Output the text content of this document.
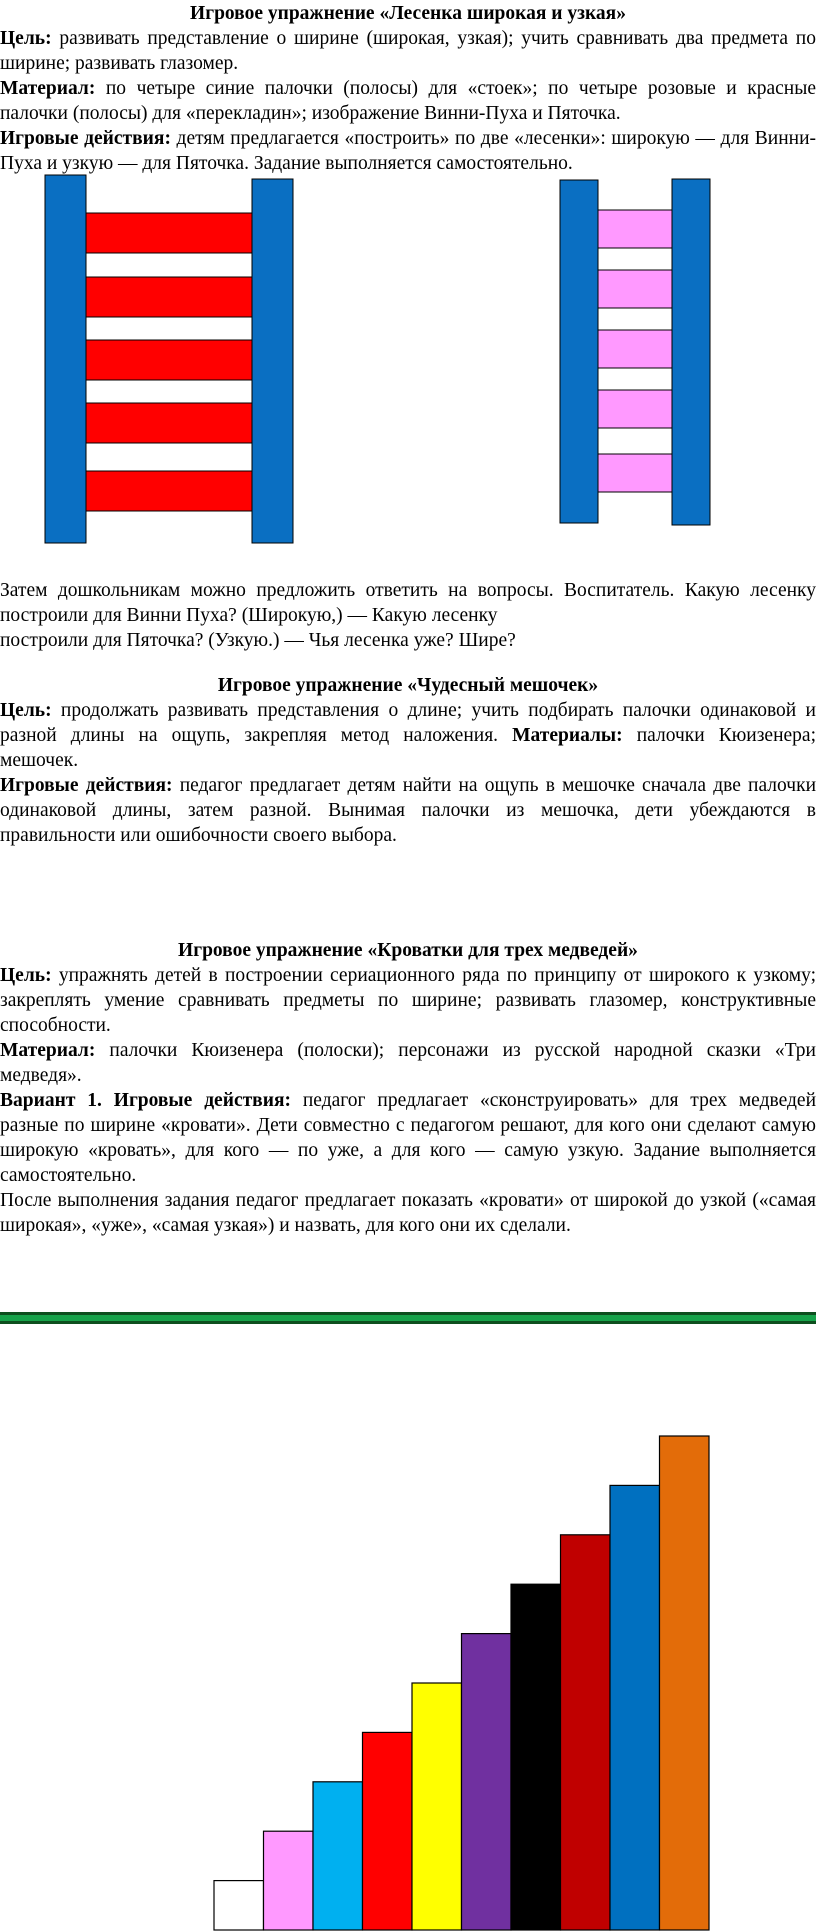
Игровое упражнение «Лесенка широкая и узкая»

Цель: развивать представление о ширине (широкая, узкая); учить сравнивать два предмета по ширине; развивать глазомер.

Материал: по четыре синие палочки (полосы) для «стоек»; по четыре розовые и красные палочки (полосы) для «перекладин»; изображение Винни-Пуха и Пяточка.

Игровые действия: детям предлагается «построить» по две «лесенки»: широкую — для Винни-Пуха и узкую — для Пяточка. Задание выполняется самостоятельно.

Затем дошкольникам можно предложить ответить на вопросы. Воспитатель. Какую лесенку построили для Винни Пуха? (Широкую,) — Какую лесенку

построили для Пяточка? (Узкую.) — Чья лесенка уже? Шире?

Игровое упражнение «Чудесный мешочек»

Цель: продолжать развивать представления о длине; учить подбирать палочки одинаковой и разной длины на ощупь, закрепляя метод наложения. Материалы: палочки Кюизенера; мешочек.

Игровые действия: педагог предлагает детям найти на ощупь в мешочке сначала две палочки одинаковой длины, затем разной. Вынимая палочки из мешочка, дети убеждаются в правильности или ошибочности своего выбора.

Игровое упражнение «Кроватки для трех медведей»

Цель: упражнять детей в построении сериационного ряда по принципу от широкого к узкому; закреплять умение сравнивать предметы по ширине; развивать глазомер, конструктивные способности.

Материал: палочки Кюизенера (полоски); персонажи из русской народной сказки «Три медведя».

Вариант 1. Игровые действия: педагог предлагает «сконструировать» для трех медведей разные по ширине «кровати». Дети совместно с педагогом решают, для кого они сделают самую широкую «кровать», для кого — по уже, а для кого — самую узкую. Задание выполняется самостоятельно.

После выполнения задания педагог предлагает показать «кровати» от широкой до узкой («самая широкая», «уже», «самая узкая») и назвать, для кого они их сделали.
